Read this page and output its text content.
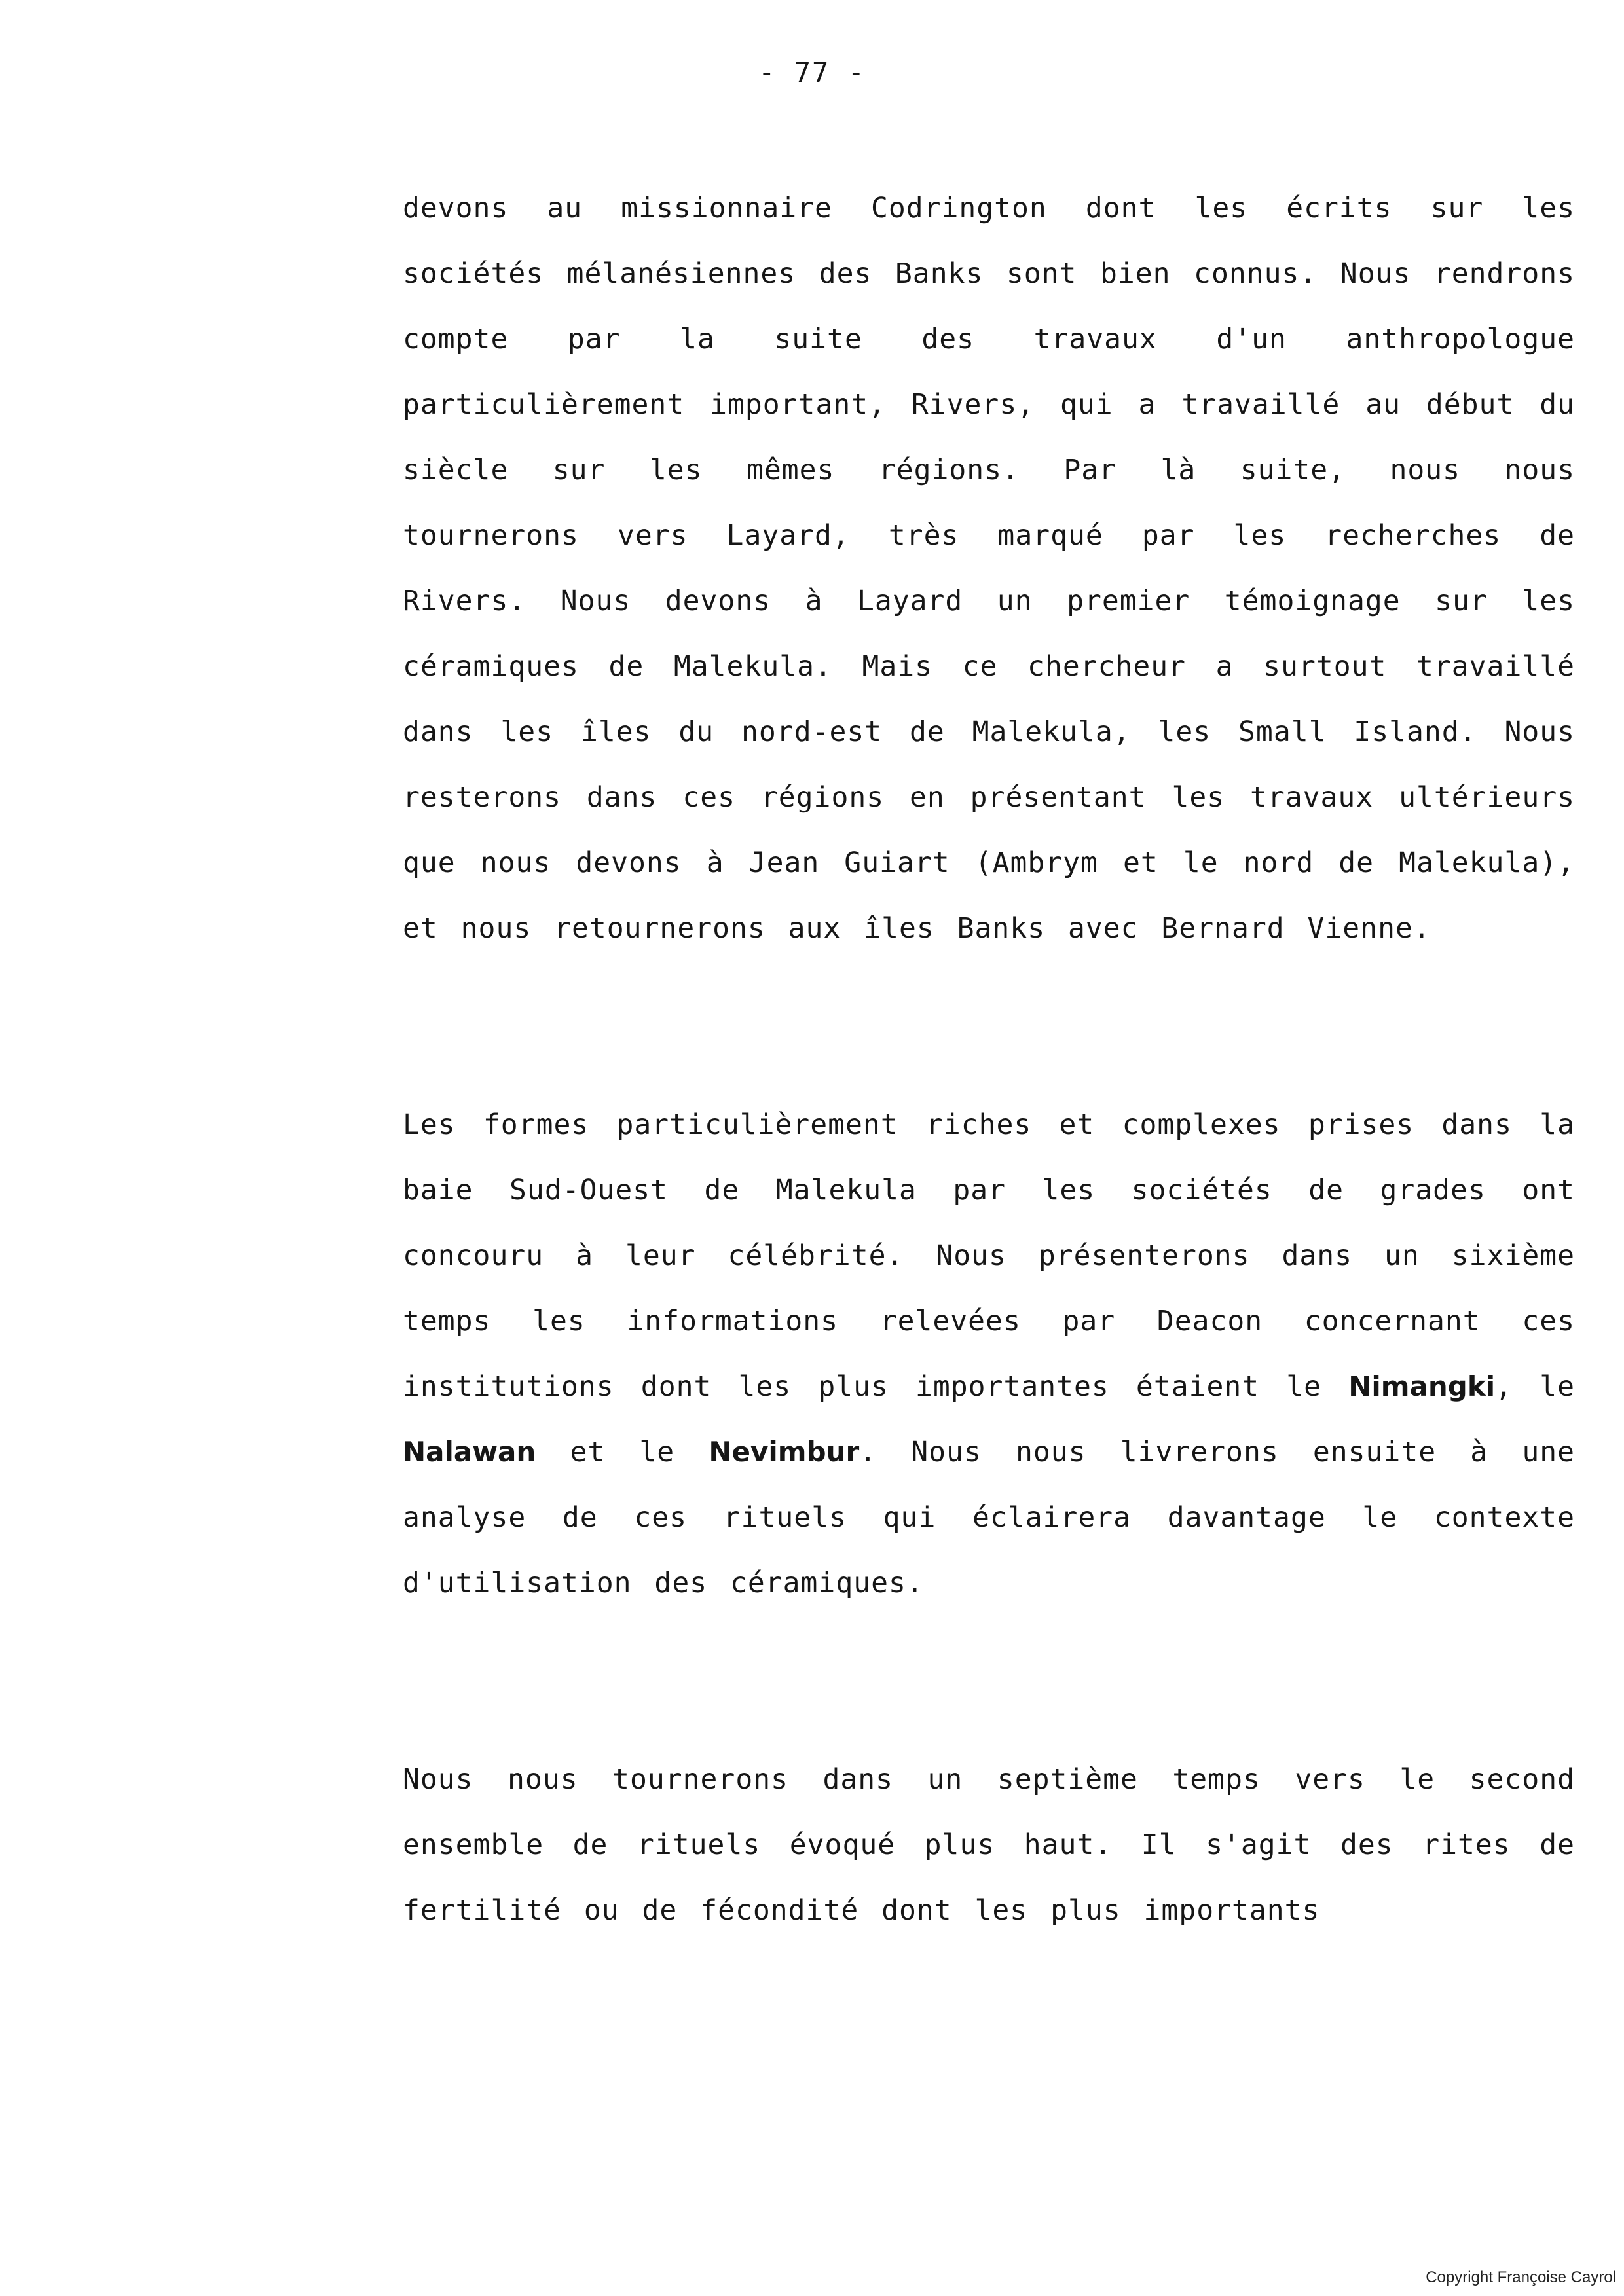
- 77 -

devons au missionnaire Codrington dont les écrits sur les sociétés mélanésiennes des Banks sont bien connus. Nous rendrons compte par la suite des travaux d'un anthropologue particulièrement important, Rivers, qui a travaillé au début du siècle sur les mêmes régions. Par là suite, nous nous tournerons vers Layard, très marqué par les recherches de Rivers. Nous devons à Layard un premier témoignage sur les céramiques de Malekula. Mais ce chercheur a surtout travaillé dans les îles du nord-est de Malekula, les Small Island. Nous resterons dans ces régions en présentant les travaux ultérieurs que nous devons à Jean Guiart (Ambrym et le nord de Malekula), et nous retournerons aux îles Banks avec Bernard Vienne.

Les formes particulièrement riches et complexes prises dans la baie Sud-Ouest de Malekula par les sociétés de grades ont concouru à leur célébrité. Nous présenterons dans un sixième temps les informations relevées par Deacon concernant ces institutions dont les plus importantes étaient le Nimangki, le Nalawan et le Nevimbur. Nous nous livrerons ensuite à une analyse de ces rituels qui éclairera davantage le contexte d'utilisation des céramiques.

Nous nous tournerons dans un septième temps vers le second ensemble de rituels évoqué plus haut. Il s'agit des rites de fertilité ou de fécondité dont les plus importants

Copyright Françoise Cayrol
